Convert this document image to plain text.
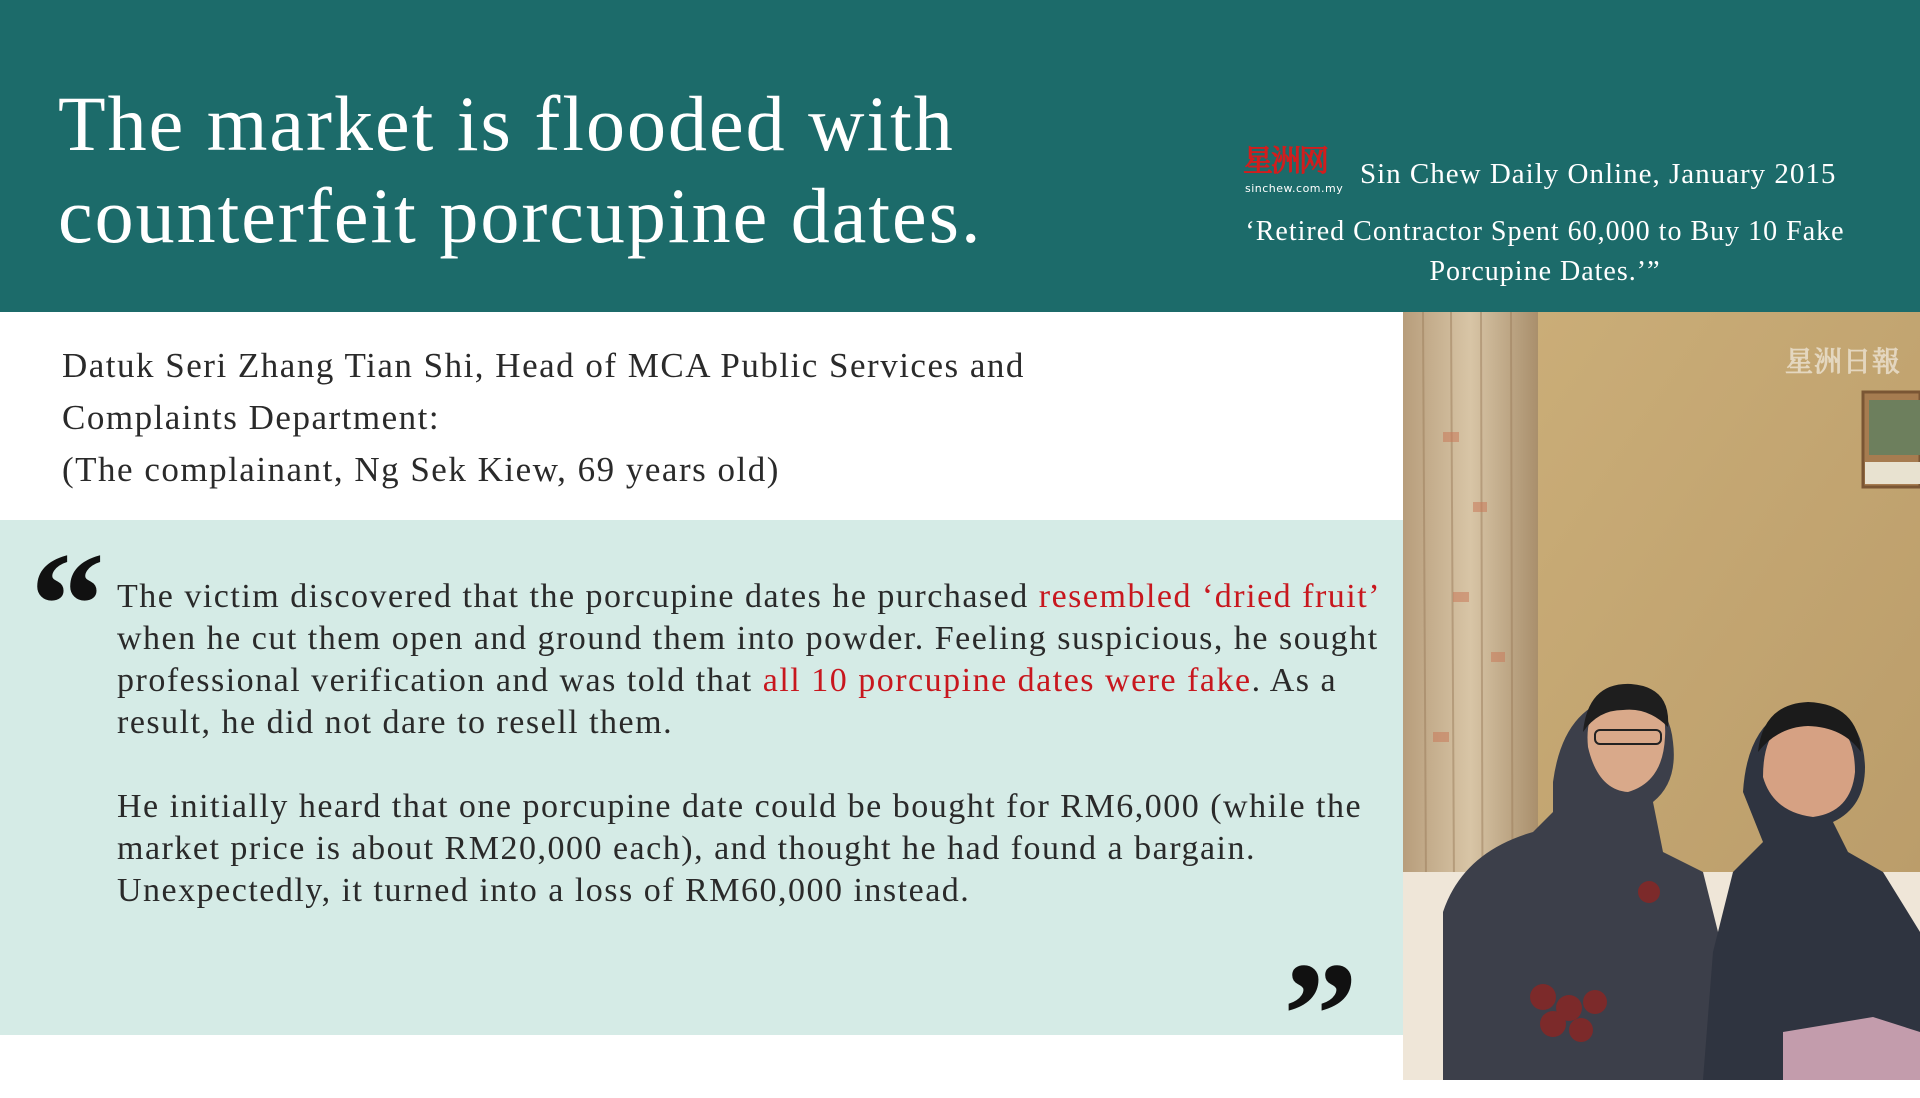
The market is flooded with
counterfeit porcupine dates.
星洲网
sinchew.com.my Sin Chew Daily Online, January 2015
‘Retired Contractor Spent 60,000 to Buy 10 Fake Porcupine Dates.’”
Datuk Seri Zhang Tian Shi, Head of MCA Public Services and
Complaints Department:
(The complainant, Ng Sek Kiew, 69 years old)
“ The victim discovered that the porcupine dates he purchased resembled ‘dried fruit’ when he cut them open and ground them into powder. Feeling suspicious, he sought professional verification and was told that all 10 porcupine dates were fake. As a result, he did not dare to resell them.

He initially heard that one porcupine date could be bought for RM6,000 (while the market price is about RM20,000 each), and thought he had found a bargain. Unexpectedly, it turned into a loss of RM60,000 instead.

”
星洲日報
